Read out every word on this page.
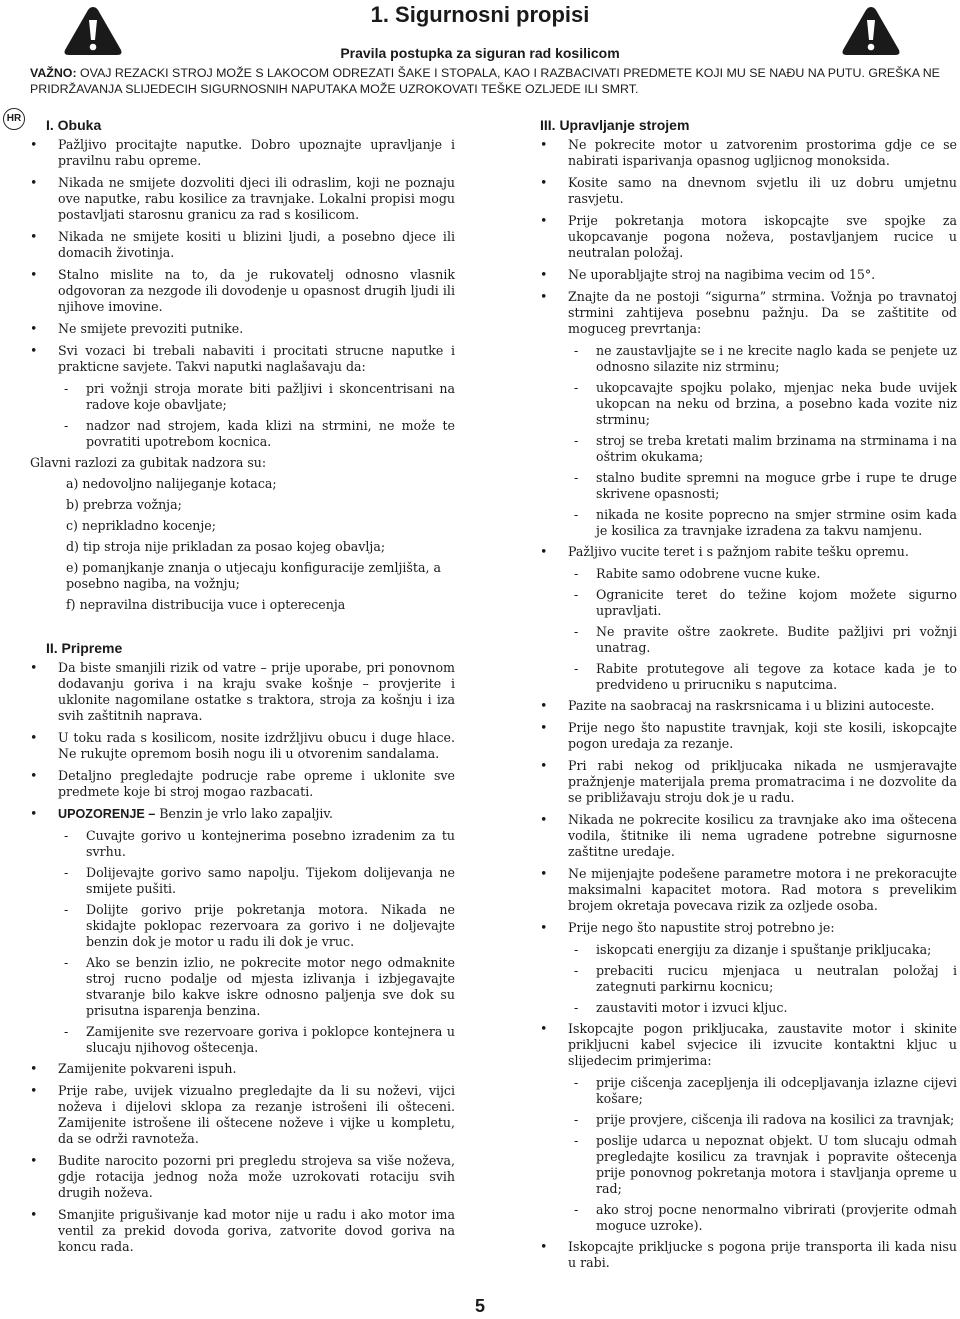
1. Sigurnosni propisi
Pravila postupka za siguran rad kosilicom
VAŽNO: OVAJ REZACKI STROJ MOŽE S LAKOCOM ODREZATI ŠAKE I STOPALA, KAO I RAZBACIVATI PREDMETE KOJI MU SE NAĐU NA PUTU. GREŠKA NE PRIDRŽAVANJA SLIJEDECIH SIGURNOSNIH NAPUTAKA MOŽE UZROKOVATI TEŠKE OZLJEDE ILI SMRT.
HR	I. Obuka
• Pažljivo procitajte naputke. Dobro upoznajte upravljanje i pravilnu rabu opreme.
• Nikada ne smijete dozvoliti djeci ili odraslim, koji ne poznaju ove naputke, rabu kosilice za travnjake. Lokalni propisi mogu postavljati starosnu granicu za rad s kosilicom.
• Nikada ne smijete kositi u blizini ljudi, a posebno djece ili domacih životinja.
• Stalno mislite na to, da je rukovatelj odnosno vlasnik odgovoran za nezgode ili dovodenje u opasnost drugih ljudi ili njihove imovine.
• Ne smijete prevoziti putnike.
• Svi vozaci bi trebali nabaviti i procitati strucne naputke i prakticne savjete. Takvi naputki naglašavaju da:
- pri vožnji stroja morate biti pažljivi i skoncentrisani na radove koje obavljate;
- nadzor nad strojem, kada klizi na strmini, ne može te povratiti upotrebom kocnica.
Glavni razlozi za gubitak nadzora su:
a) nedovoljno nalijeganje kotaca;
b) prebrza vožnja;
c) neprikladno kocenje;
d) tip stroja nije prikladan za posao kojeg obavlja;
e) pomanjkanje znanja o utjecaju konfiguracije zemljišta, a posebno nagiba, na vožnju;
f) nepravilna distribucija vuce i opterecenja
II. Pripreme
• Da biste smanjili rizik od vatre – prije uporabe, pri ponovnom dodavanju goriva i na kraju svake košnje – provjerite i uklonite nagomilane ostatke s traktora, stroja za košnju i iza svih zaštitnih naprava.
• U toku rada s kosilicom, nosite izdržljivu obucu i duge hlace. Ne rukujte opremom bosih nogu ili u otvorenim sandalama.
• Detaljno pregledajte podrucje rabe opreme i uklonite sve predmete koje bi stroj mogao razbacati.
• UPOZORENJE – Benzin je vrlo lako zapaljiv.
- Cuvajte gorivo u kontejnerima posebno izradenim za tu svrhu.
- Dolijevajte gorivo samo napolju. Tijekom dolijevanja ne smijete pušiti.
- Dolijte gorivo prije pokretanja motora. Nikada ne skidajte poklopac rezervoara za gorivo i ne doljevajte benzin dok je motor u radu ili dok je vruc.
- Ako se benzin izlio, ne pokrecite motor nego odmaknite stroj rucno podalje od mjesta izlivanja i izbjegavajte stvaranje bilo kakve iskre odnosno paljenja sve dok su prisutna isparenja benzina.
- Zamijenite sve rezervoare goriva i poklopce kontejnera u slucaju njihovog oštecenja.
• Zamijenite pokvareni ispuh.
• Prije rabe, uvijek vizualno pregledajte da li su noževi, vijci noževa i dijelovi sklopa za rezanje istrošeni ili ošteceni. Zamijenite istrošene ili oštecene noževe i vijke u kompletu, da se održi ravnoteža.
• Budite narocito pozorni pri pregledu strojeva sa više noževa, gdje rotacija jednog noža može uzrokovati rotaciju svih drugih noževa.
• Smanjite prigušivanje kad motor nije u radu i ako motor ima ventil za prekid dovoda goriva, zatvorite dovod goriva na koncu rada.
III. Upravljanje strojem
• Ne pokrecite motor u zatvorenim prostorima gdje ce se nabirati isparivanja opasnog ugljicnog monoksida.
• Kosite samo na dnevnom svjetlu ili uz dobru umjetnu rasvjetu.
• Prije pokretanja motora iskopcajte sve spojke za ukopcavanje pogona noževa, postavljanjem rucice u neutralan položaj.
• Ne uporabljajte stroj na nagibima vecim od 15°.
• Znajte da ne postoji “sigurna” strmina. Vožnja po travnatoj strmini zahtijeva posebnu pažnju. Da se zaštitite od moguceg prevrtanja:
- ne zaustavljajte se i ne krecite naglo kada se penjete uz odnosno silazite niz strminu;
- ukopcavajte spojku polako, mjenjac neka bude uvijek ukopcan na neku od brzina, a posebno kada vozite niz strminu;
- stroj se treba kretati malim brzinama na strminama i na oštrim okukama;
- stalno budite spremni na moguce grbe i rupe te druge skrivene opasnosti;
- nikada ne kosite poprecno na smjer strmine osim kada je kosilica za travnjake izradena za takvu namjenu.
• Pažljivo vucite teret i s pažnjom rabite tešku opremu.
- Rabite samo odobrene vucne kuke.
- Ogranicite teret do težine kojom možete sigurno upravljati.
- Ne pravite oštre zaokrete. Budite pažljivi pri vožnji unatrag.
- Rabite protutegove ali tegove za kotace kada je to predvideno u prirucniku s naputcima.
• Pazite na saobracaj na raskrsnicama i u blizini autoceste.
• Prije nego što napustite travnjak, koji ste kosili, iskopcajte pogon uredaja za rezanje.
• Pri rabi nekog od prikljucaka nikada ne usmjeravajte pražnjenje materijala prema promatracima i ne dozvolite da se približavaju stroju dok je u radu.
• Nikada ne pokrecite kosilicu za travnjake ako ima oštecena vodila, štitnike ili nema ugradene potrebne sigurnosne zaštitne uredaje.
• Ne mijenjajte podešene parametre motora i ne prekoracujte maksimalni kapacitet motora. Rad motora s prevelikim brojem okretaja povecava rizik za ozljede osoba.
• Prije nego što napustite stroj potrebno je:
- iskopcati energiju za dizanje i spuštanje prikljucaka;
- prebaciti rucicu mjenjaca u neutralan položaj i zategnuti parkirnu kocnicu;
- zaustaviti motor i izvuci kljuc.
• Iskopcajte pogon prikljucaka, zaustavite motor i skinite prikljucni kabel svjecice ili izvucite kontaktni kljuc u slijedecim primjerima:
- prije cišcenja zacepljenja ili odcepljavanja izlazne cijevi košare;
- prije provjere, cišcenja ili radova na kosilici za travnjak;
- poslije udarca u nepoznat objekt. U tom slucaju odmah pregledajte kosilicu za travnjak i popravite oštecenja prije ponovnog pokretanja motora i stavljanja opreme u rad;
- ako stroj pocne nenormalno vibrirati (provjerite odmah moguce uzroke).
• Iskopcajte prikljucke s pogona prije transporta ili kada nisu u rabi.
5
